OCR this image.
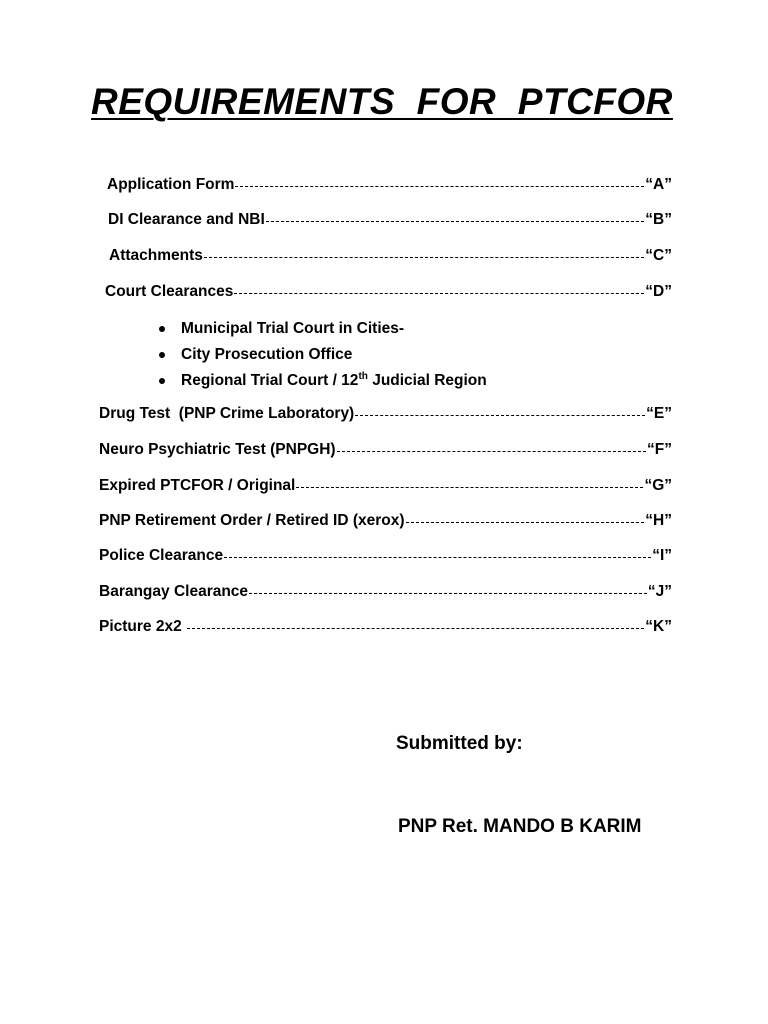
REQUIREMENTS  FOR  PTCFOR
Application Form	“A”
DI Clearance and NBI	“B”
Attachments	“C”
Court Clearances	“D”
Municipal Trial Court in Cities-
City Prosecution Office
Regional Trial Court / 12th Judicial Region
Drug Test  (PNP Crime Laboratory)	“E”
Neuro Psychiatric Test (PNPGH)	“F”
Expired PTCFOR / Original	“G”
PNP Retirement Order / Retired ID (xerox)	“H”
Police Clearance	“I”
Barangay Clearance	“J”
Picture 2x2	“K”
Submitted by:
PNP Ret. MANDO B KARIM
